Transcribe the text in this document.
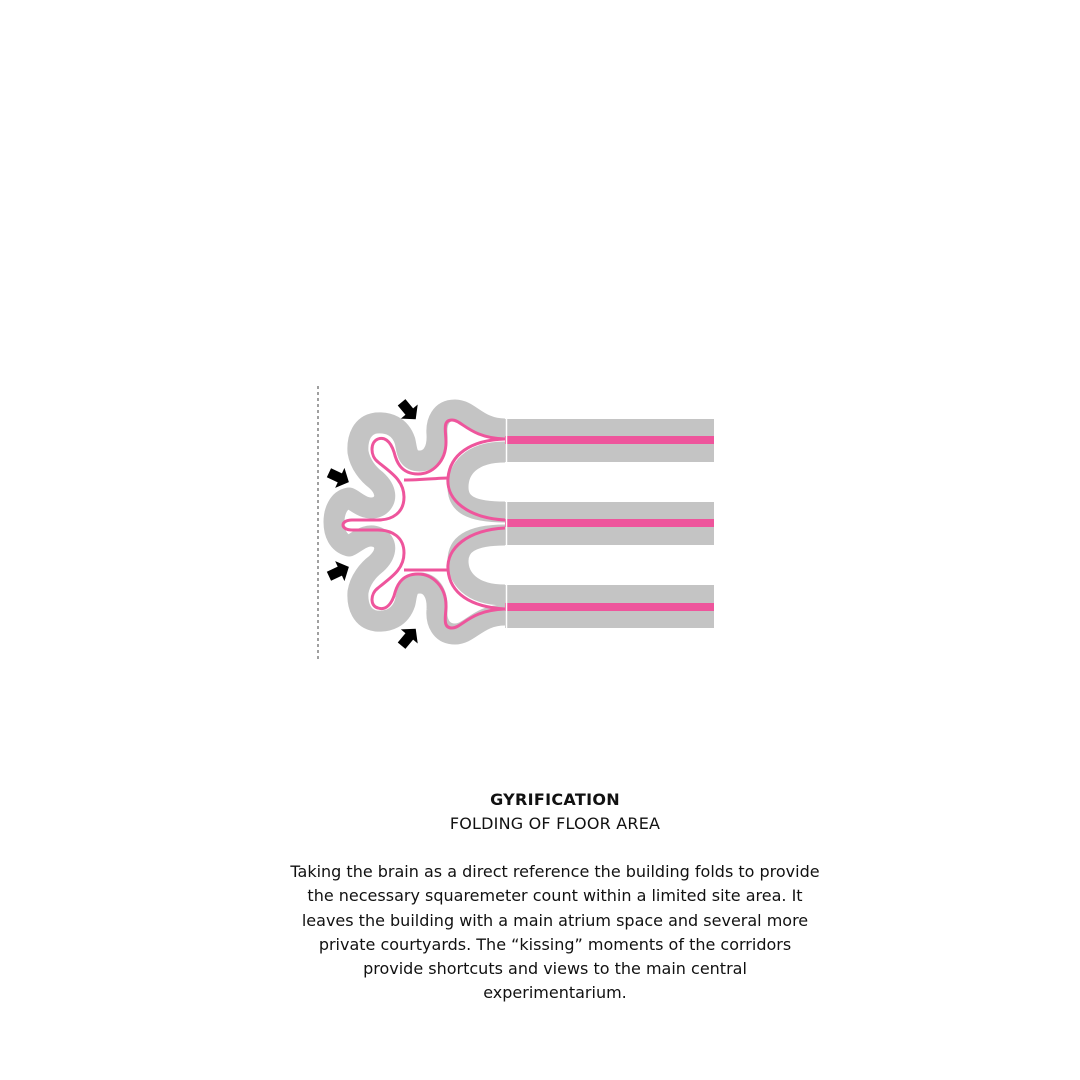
GYRIFICATION
FOLDING OF FLOOR AREA
Taking the brain as a direct reference the building folds to provide the necessary squaremeter count within a limited site area. It leaves the building with a main atrium space and several more private courtyards. The “kissing” moments of the corridors provide shortcuts and views to the main central experimentarium.
